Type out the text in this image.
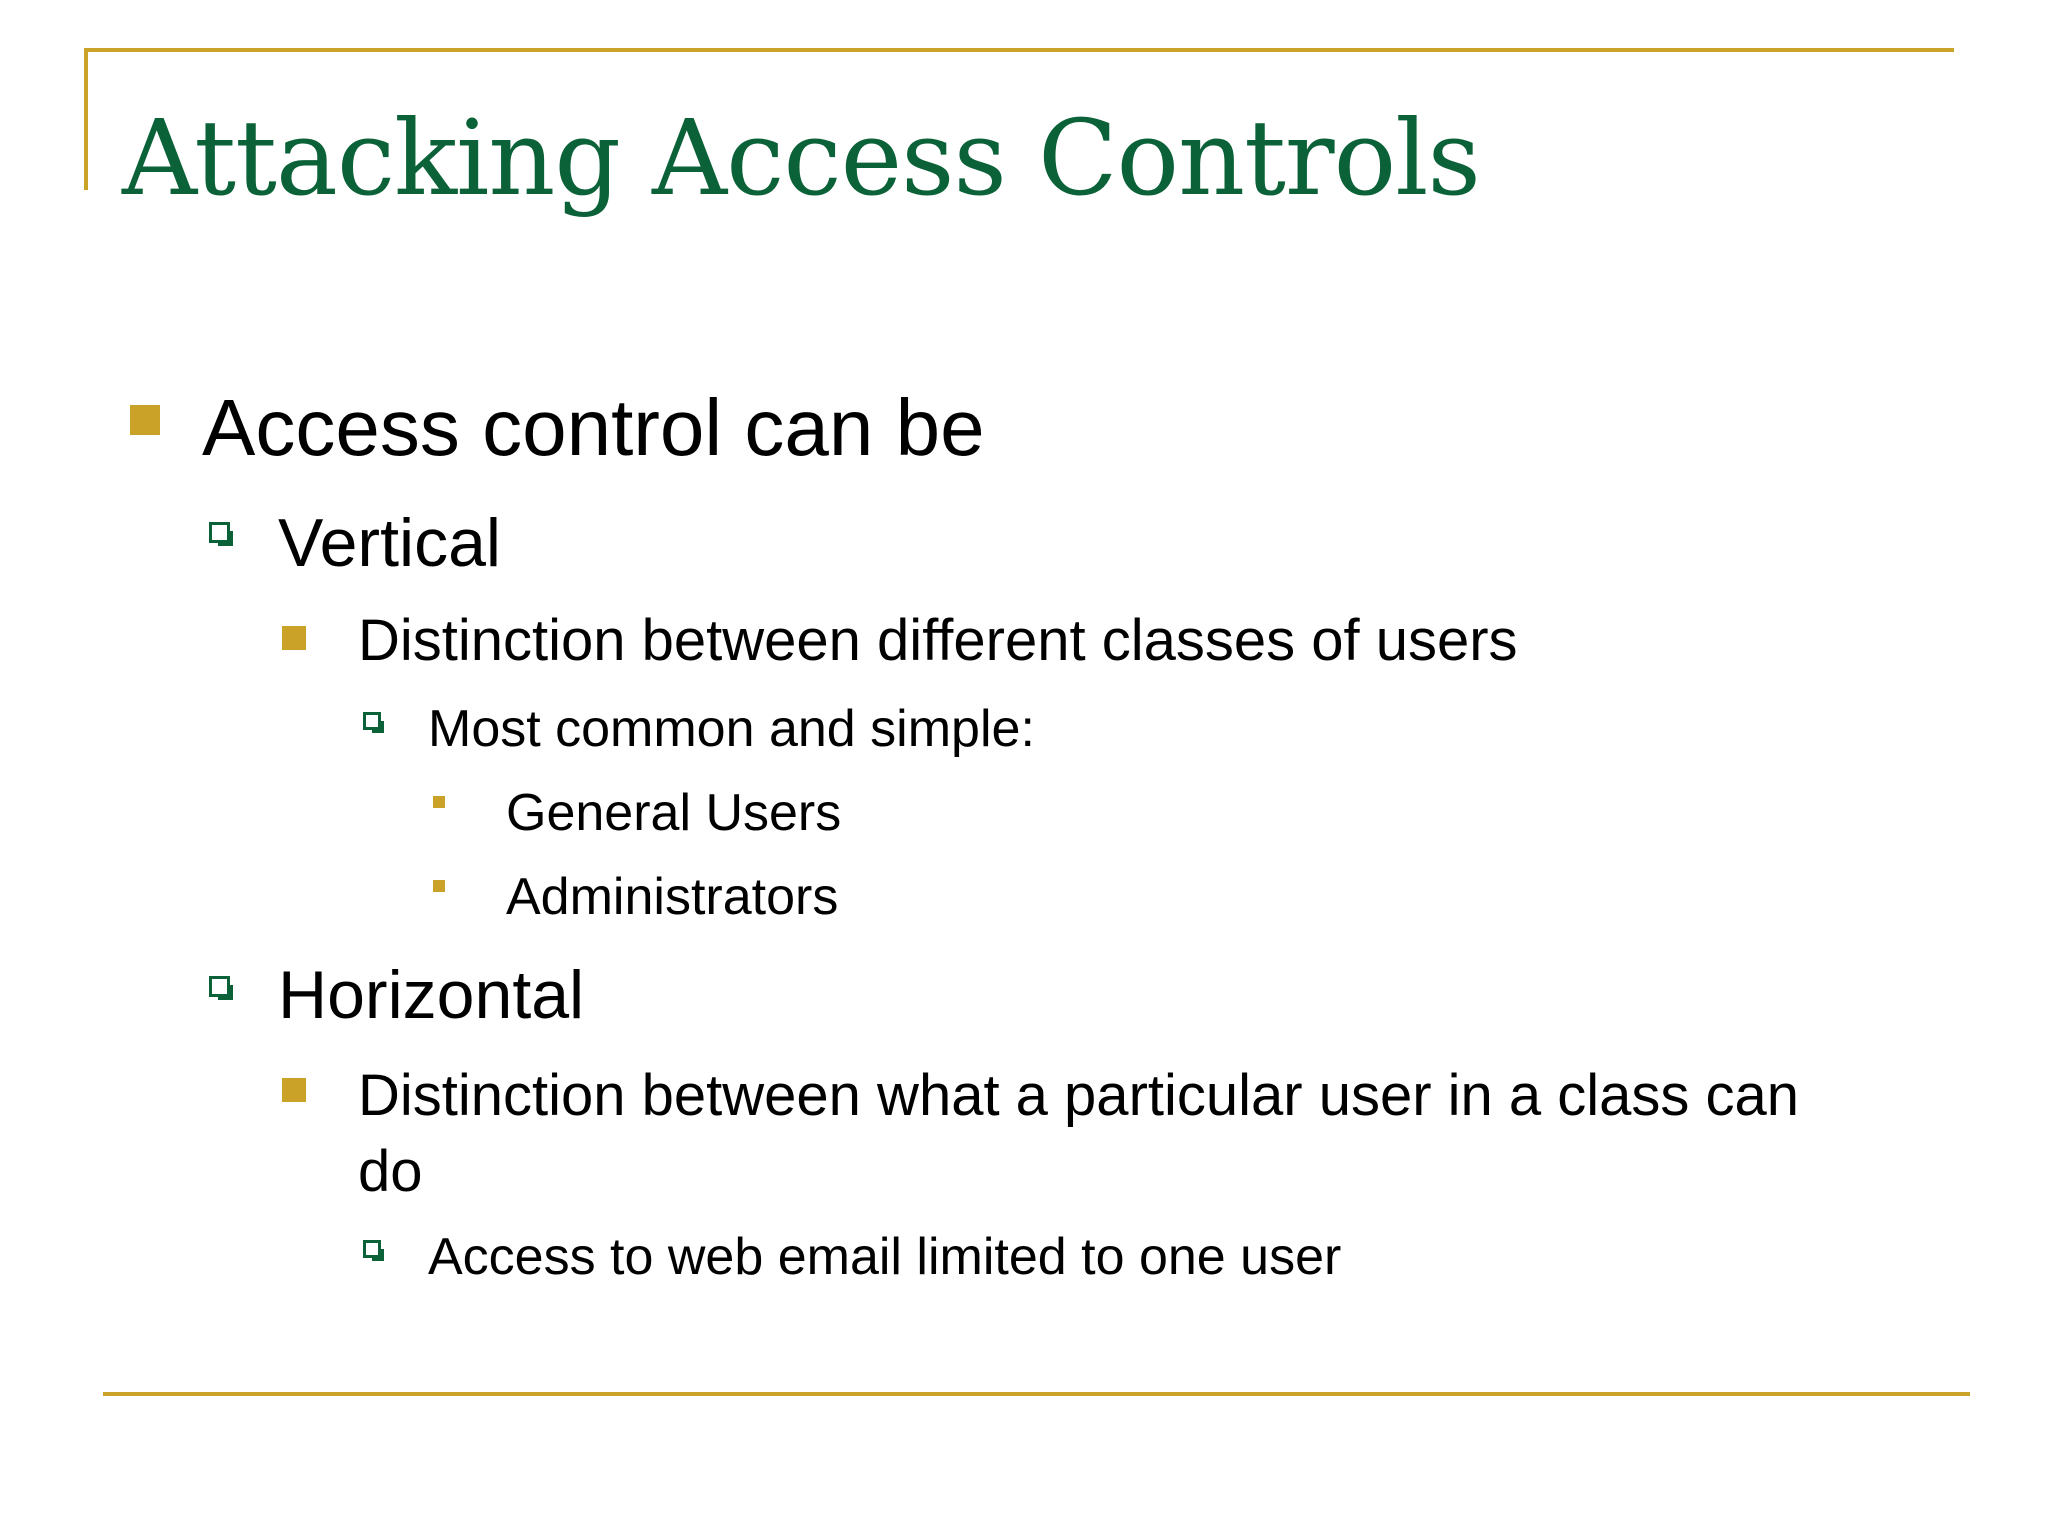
Attacking Access Controls
Access control can be
Vertical
Distinction between different classes of users
Most common and simple:
General Users
Administrators
Horizontal
Distinction between what a particular user in a class can
do
Access to web email limited to one user
